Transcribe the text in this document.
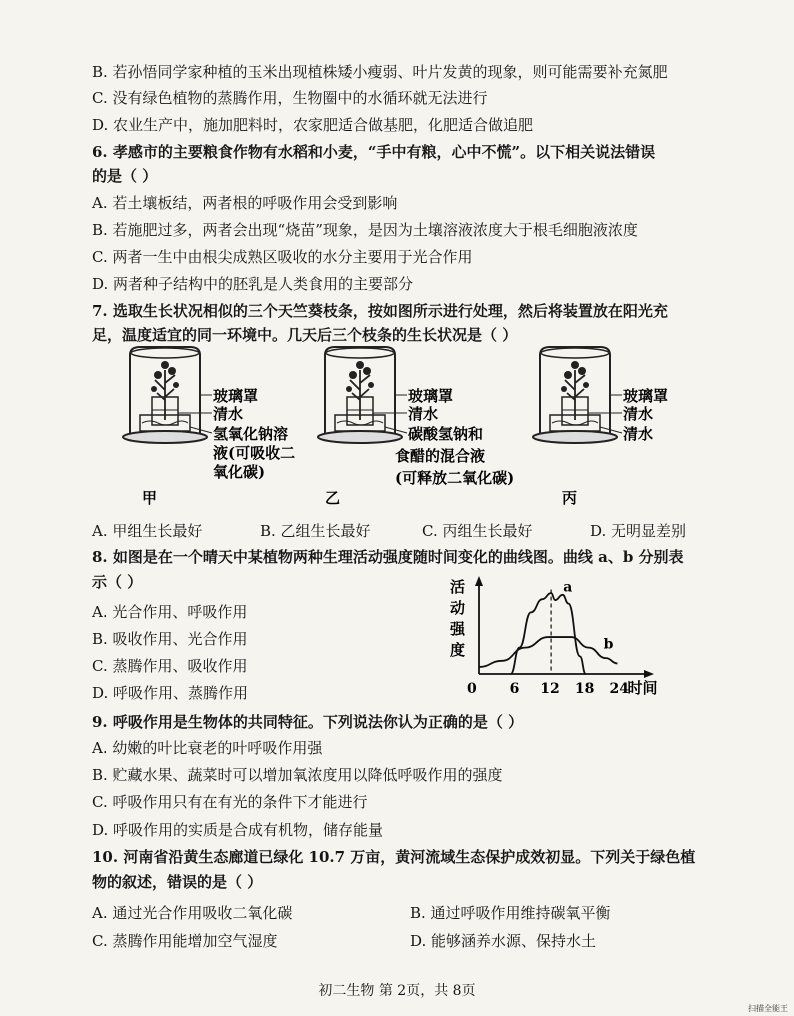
B. 若孙悟同学家种植的玉米出现植株矮小瘦弱、叶片发黄的现象，则可能需要补充氮肥
C. 没有绿色植物的蒸腾作用，生物圈中的水循环就无法进行
D. 农业生产中，施加肥料时，农家肥适合做基肥，化肥适合做追肥
6. 孝感市的主要粮食作物有水稻和小麦，“手中有粮，心中不慌”。以下相关说法错误
的是（ ）
A. 若土壤板结，两者根的呼吸作用会受到影响
B. 若施肥过多，两者会出现“烧苗”现象，是因为土壤溶液浓度大于根毛细胞液浓度
C. 两者一生中由根尖成熟区吸收的水分主要用于光合作用
D. 两者种子结构中的胚乳是人类食用的主要部分
7. 选取生长状况相似的三个天竺葵枝条，按如图所示进行处理，然后将装置放在阳光充
足，温度适宜的同一环境中。几天后三个枝条的生长状况是（ ）
玻璃罩
清水
氢氧化钠溶
液(可吸收二
氧化碳)
甲
玻璃罩
清水
碳酸氢钠和
食醋的混合液
(可释放二氧化碳)
乙
玻璃罩
清水
清水
丙
A. 甲组生长最好	B. 乙组生长最好	C. 丙组生长最好	D. 无明显差别
8. 如图是在一个晴天中某植物两种生理活动强度随时间变化的曲线图。曲线 a、b 分别表
示（ ）
A. 光合作用、呼吸作用
B. 吸收作用、光合作用
C. 蒸腾作用、吸收作用
D. 呼吸作用、蒸腾作用
活动强度
0 6 12 18 24
a
b
时间
9. 呼吸作用是生物体的共同特征。下列说法你认为正确的是（ ）
A. 幼嫩的叶比衰老的叶呼吸作用强
B. 贮藏水果、蔬菜时可以增加氧浓度用以降低呼吸作用的强度
C. 呼吸作用只有在有光的条件下才能进行
D. 呼吸作用的实质是合成有机物，储存能量
10. 河南省沿黄生态廊道已绿化 10.7 万亩，黄河流域生态保护成效初显。下列关于绿色植
物的叙述，错误的是（ ）
A. 通过光合作用吸收二氧化碳	B. 通过呼吸作用维持碳氧平衡
C. 蒸腾作用能增加空气湿度	D. 能够涵养水源、保持水土
初二生物 第 2页，共 8页
扫描全能王
